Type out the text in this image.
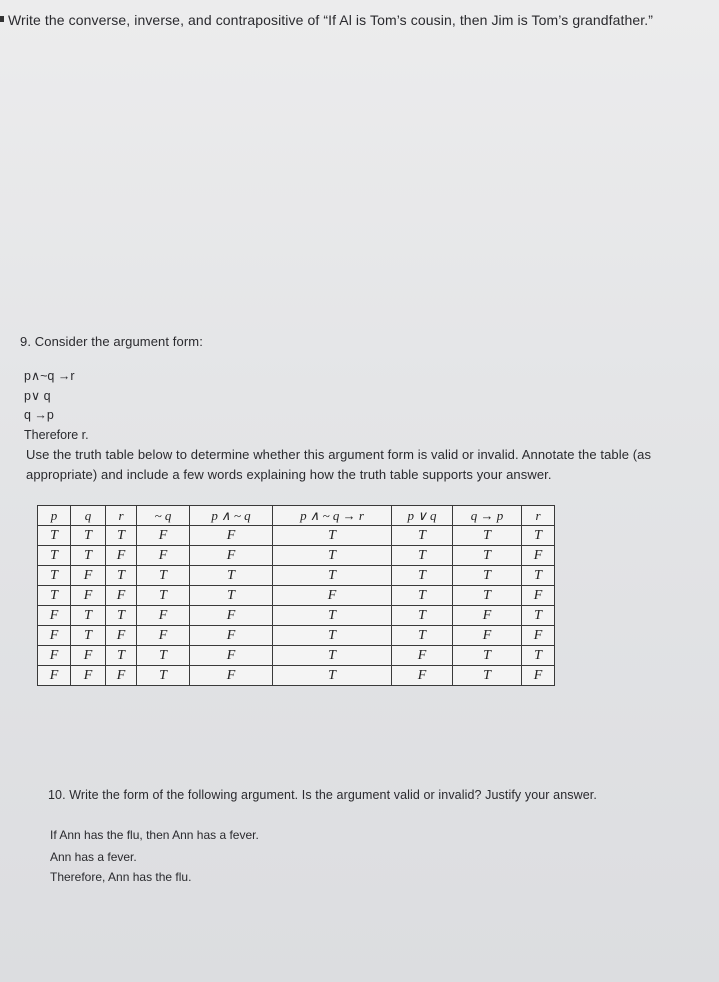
Write the converse, inverse, and contrapositive of “If Al is Tom’s cousin, then Jim is Tom’s grandfather.”
9. Consider the argument form:
p∧~q →r
p∨ q
q →p
Therefore r.
Use the truth table below to determine whether this argument form is valid or invalid. Annotate the table (as
appropriate) and include a few words explaining how the truth table supports your answer.
p	q	r	~ q	p ∧ ~ q	p ∧ ~ q → r	p ∨ q	q → p	r
T	T	T	F	F	T	T	T	T
T	T	F	F	F	T	T	T	F
T	F	T	T	T	T	T	T	T
T	F	F	T	T	F	T	T	F
F	T	T	F	F	T	T	F	T
F	T	F	F	F	T	T	F	F
F	F	T	T	F	T	F	T	T
F	F	F	T	F	T	F	T	F
10. Write the form of the following argument. Is the argument valid or invalid? Justify your answer.
If Ann has the flu, then Ann has a fever.
Ann has a fever.
Therefore, Ann has the flu.
